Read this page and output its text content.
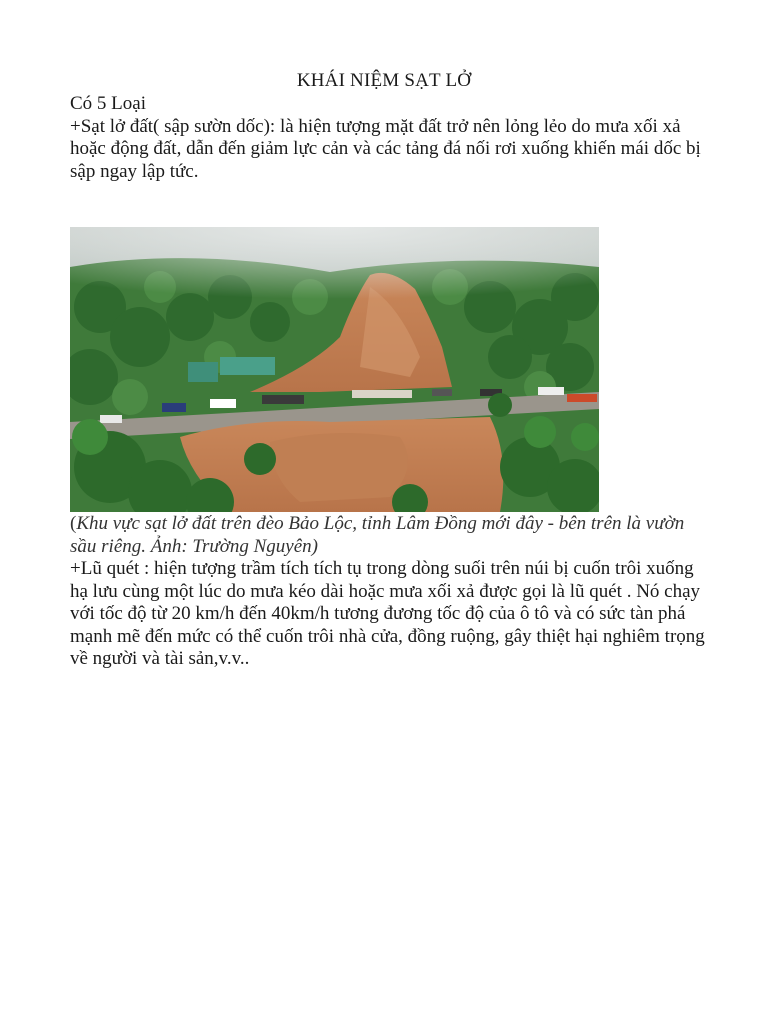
KHÁI NIỆM SẠT LỞ
Có 5 Loại
+Sạt lở đất( sập sườn dốc): là hiện tượng mặt đất trở nên lỏng lẻo do mưa xối xả hoặc động đất, dẫn đến giảm lực cản và các tảng đá nối rơi xuống khiến mái dốc bị sập ngay lập tức.
(Khu vực sạt lở đất trên đèo Bảo Lộc, tỉnh Lâm Đồng mới đây - bên trên là vườn sầu riêng. Ảnh: Trường Nguyên)
+Lũ quét : hiện tượng trầm tích tích tụ trong dòng suối trên núi bị cuốn trôi xuống hạ lưu cùng một lúc do mưa kéo dài hoặc mưa xối xả được gọi là lũ quét . Nó chạy với tốc độ từ 20 km/h đến 40km/h tương đương tốc độ của ô tô và có sức tàn phá mạnh mẽ đến mức có thể cuốn trôi nhà cửa, đồng ruộng, gây thiệt hại nghiêm trọng về người và tài sản,v.v..
